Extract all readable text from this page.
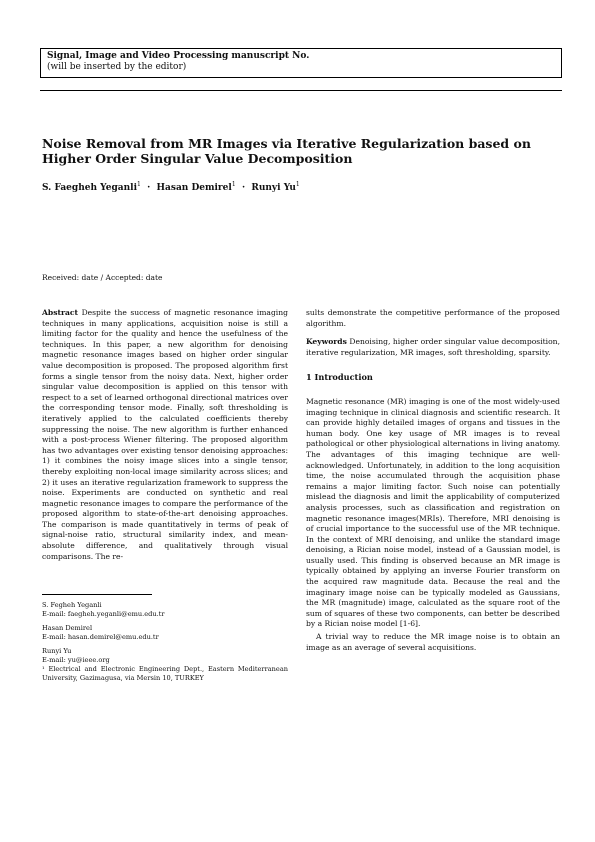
Signal, Image and Video Processing manuscript No.
(will be inserted by the editor)
Noise Removal from MR Images via Iterative Regularization based on Higher Order Singular Value Decomposition
S. Faegheh Yeganli$^1$ · Hasan Demirel$^1$ · Runyi Yu$^1$
Received: date / Accepted: date

Abstract Despite the success of magnetic resonance imaging techniques in many applications, acquisition noise is still a limiting factor for the quality and hence the usefulness of the techniques. In this paper, a new algorithm for denoising magnetic resonance images based on higher order singular value decomposition is proposed. The proposed algorithm first forms a single tensor from the noisy data. Next, higher order singular value decomposition is applied on this tensor with respect to a set of learned orthogonal directional matrices over the corresponding tensor mode. Finally, soft thresholding is iteratively applied to the calculated coefficients thereby suppressing the noise. The new algorithm is further enhanced with a post-process Wiener filtering. The proposed algorithm has two advantages over existing tensor denoising approaches: 1) it combines the noisy image slices into a single tensor, thereby exploiting non-local image similarity across slices; and 2) it uses an iterative regularization framework to suppress the noise. Experiments are conducted on synthetic and real magnetic resonance images to compare the performance of the proposed algorithm to state-of-the-art denoising approaches. The comparison is made quantitatively in terms of peak of signal-noise ratio, structural similarity index, and mean-absolute difference, and qualitatively through visual comparisons. The re-

S. Fegheh Yeganli
E-mail: faegheh.yeganli@emu.edu.tr
Hasan Demirel
E-mail: hasan.demirel@emu.edu.tr
Runyi Yu
E-mail: yu@ieee.org
¹ Electrical and Electronic Engineering Dept., Eastern Mediterranean University, Gazimagusa, via Mersin 10, TURKEY

sults demonstrate the competitive performance of the proposed algorithm.

Keywords Denoising, higher order singular value decomposition, iterative regularization, MR images, soft thresholding, sparsity.

1 Introduction

Magnetic resonance (MR) imaging is one of the most widely-used imaging technique in clinical diagnosis and scientific research. It can provide highly detailed images of organs and tissues in the human body. One key usage of MR images is to reveal pathological or other physiological alternations in living anatomy. The advantages of this imaging technique are well-acknowledged. Unfortunately, in addition to the long acquisition time, the noise accumulated through the acquisition phase remains a major limiting factor. Such noise can potentially mislead the diagnosis and limit the applicability of computerized analysis processes, such as classification and registration on magnetic resonance images(MRIs). Therefore, MRI denoising is of crucial importance to the successful use of the MR technique. In the context of MRI denoising, and unlike the standard image denoising, a Rician noise model, instead of a Gaussian model, is usually used. This finding is observed because an MR image is typically obtained by applying an inverse Fourier transform on the acquired raw magnitude data. Because the real and the imaginary image noise can be typically modeled as Gaussians, the MR (magnitude) image, calculated as the square root of the sum of squares of these two components, can better be described by a Rician noise model [1-6].

A trivial way to reduce the MR image noise is to obtain an image as an average of several acquisitions.
